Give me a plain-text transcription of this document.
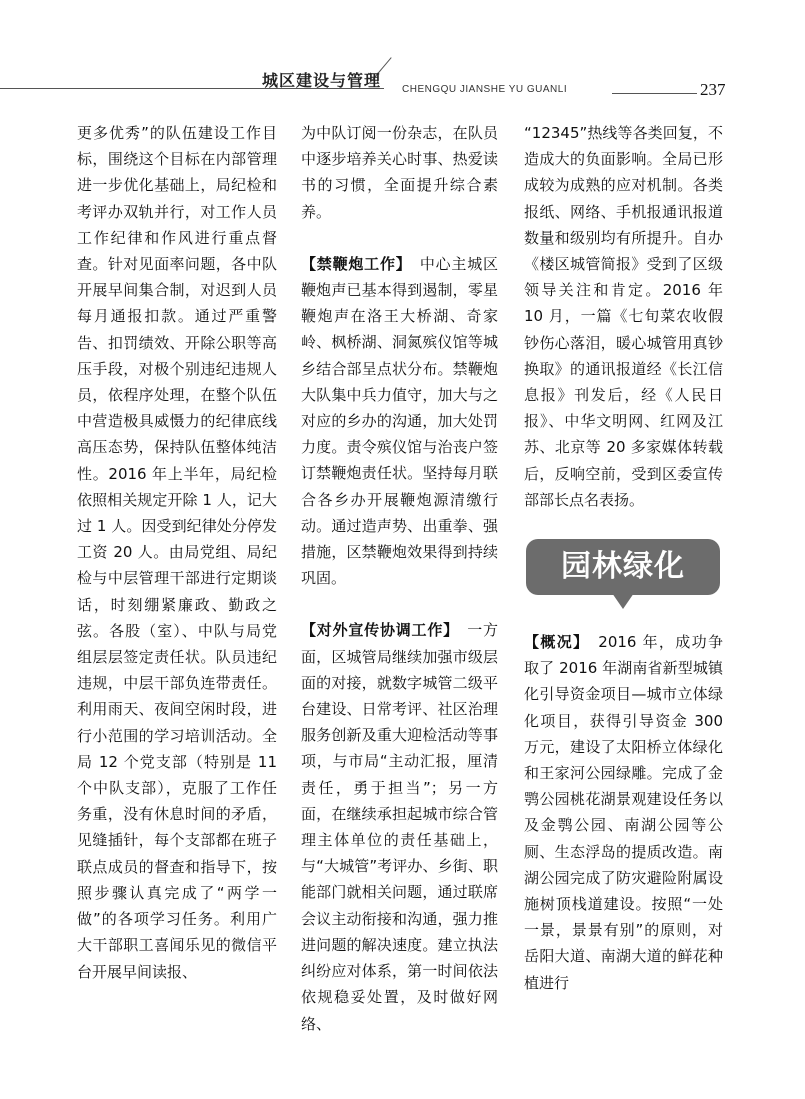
城区建设与管理 CHENGQU JIANSHE YU GUANLI	237

更多优秀”的队伍建设工作目标，围绕这个目标在内部管理进一步优化基础上，局纪检和考评办双轨并行，对工作人员工作纪律和作风进行重点督查。针对见面率问题，各中队开展早间集合制，对迟到人员每月通报扣款。通过严重警告、扣罚绩效、开除公职等高压手段，对极个别违纪违规人员，依程序处理，在整个队伍中营造极具威慑力的纪律底线高压态势，保持队伍整体纯洁性。2016 年上半年，局纪检依照相关规定开除 1 人，记大过 1 人。因受到纪律处分停发工资 20 人。由局党组、局纪检与中层管理干部进行定期谈话，时刻绷紧廉政、勤政之弦。各股（室）、中队与局党组层层签定责任状。队员违纪违规，中层干部负连带责任。利用雨天、夜间空闲时段，进行小范围的学习培训活动。全局 12 个党支部（特别是 11 个中队支部），克服了工作任务重，没有休息时间的矛盾，见缝插针，每个支部都在班子联点成员的督查和指导下，按照步骤认真完成了“两学一做”的各项学习任务。利用广大干部职工喜闻乐见的微信平台开展早间读报、

为中队订阅一份杂志，在队员中逐步培养关心时事、热爱读书的习惯，全面提升综合素养。

【禁鞭炮工作】　中心主城区鞭炮声已基本得到遏制，零星鞭炮声在洛王大桥湖、奇家岭、枫桥湖、洞氮殡仪馆等城乡结合部呈点状分布。禁鞭炮大队集中兵力值守，加大与之对应的乡办的沟通，加大处罚力度。责令殡仪馆与治丧户签订禁鞭炮责任状。坚持每月联合各乡办开展鞭炮源清缴行动。通过造声势、出重拳、强措施，区禁鞭炮效果得到持续巩固。

【对外宣传协调工作】　一方面，区城管局继续加强市级层面的对接，就数字城管二级平台建设、日常考评、社区治理服务创新及重大迎检活动等事项，与市局“主动汇报，厘清责任，勇于担当”；另一方面，在继续承担起城市综合管理主体单位的责任基础上，与“大城管”考评办、乡街、职能部门就相关问题，通过联席会议主动衔接和沟通，强力推进问题的解决速度。建立执法纠纷应对体系，第一时间依法依规稳妥处置，及时做好网络、

“12345”热线等各类回复，不造成大的负面影响。全局已形成较为成熟的应对机制。各类报纸、网络、手机报通讯报道数量和级别均有所提升。自办《楼区城管简报》受到了区级领导关注和肯定。2016 年 10 月，一篇《七旬菜农收假钞伤心落泪，暖心城管用真钞换取》的通讯报道经《长江信息报》刊发后，经《人民日报》、中华文明网、红网及江苏、北京等 20 多家媒体转载后，反响空前，受到区委宣传部部长点名表扬。

园林绿化

【概况】　2016 年，成功争取了 2016 年湖南省新型城镇化引导资金项目—城市立体绿化项目，获得引导资金 300 万元，建设了太阳桥立体绿化和王家河公园绿雕。完成了金鹗公园桃花湖景观建设任务以及金鹗公园、南湖公园等公厕、生态浮岛的提质改造。南湖公园完成了防灾避险附属设施树顶栈道建设。按照“一处一景，景景有别”的原则，对岳阳大道、南湖大道的鲜花种植进行
